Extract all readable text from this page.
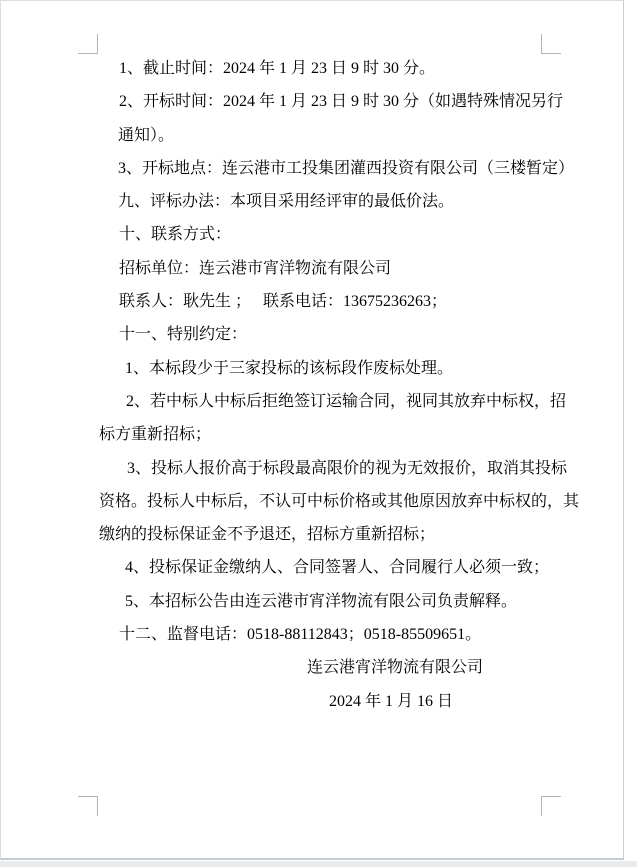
1、截止时间：2024 年 1 月 23 日 9 时 30 分。
2、开标时间：2024 年 1 月 23 日 9 时 30 分（如遇特殊情况另行
通知）。
3、开标地点：连云港市工投集团灌西投资有限公司（三楼暂定）
九、评标办法：本项目采用经评审的最低价法。
十、联系方式：
招标单位：连云港市宵洋物流有限公司
联系人：耿先生 ；　 联系电话：13675236263；
十一、特别约定：
1、本标段少于三家投标的该标段作废标处理。
2、若中标人中标后拒绝签订运输合同，视同其放弃中标权，招
标方重新招标；
3、投标人报价高于标段最高限价的视为无效报价，取消其投标
资格。投标人中标后，不认可中标价格或其他原因放弃中标权的，其
缴纳的投标保证金不予退还，招标方重新招标；
4、投标保证金缴纳人、合同签署人、合同履行人必须一致；
5、本招标公告由连云港市宵洋物流有限公司负责解释。
十二、监督电话：0518-88112843；0518-85509651。
连云港宵洋物流有限公司
2024 年 1 月 16 日
